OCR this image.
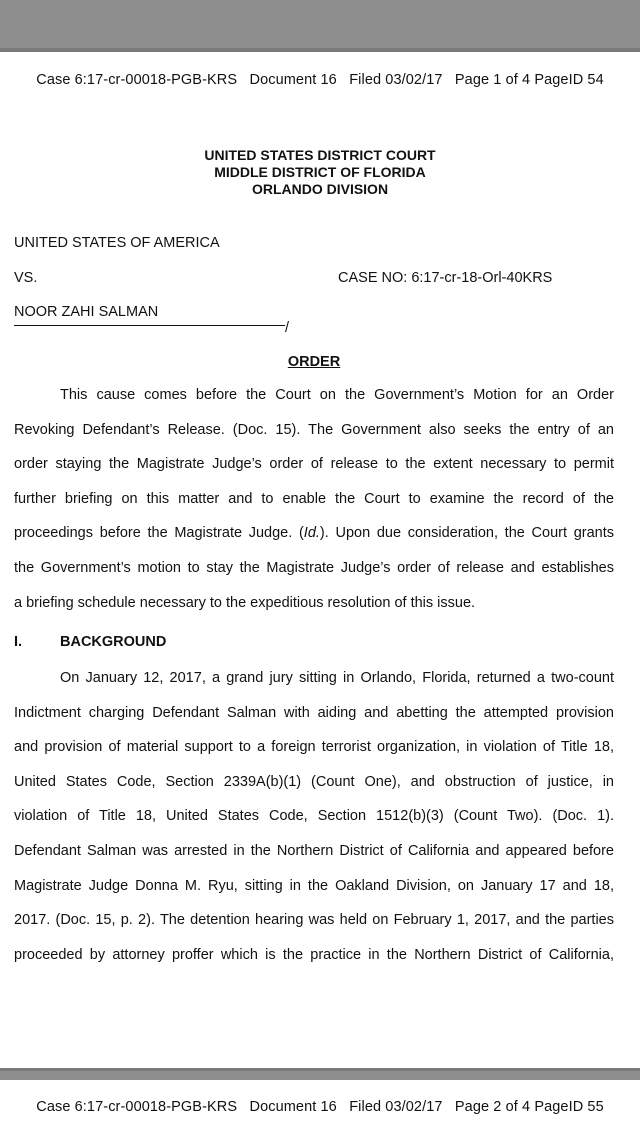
Case 6:17-cr-00018-PGB-KRS   Document 16   Filed 03/02/17   Page 1 of 4 PageID 54
UNITED STATES DISTRICT COURT
MIDDLE DISTRICT OF FLORIDA
ORLANDO DIVISION
UNITED STATES OF AMERICA
VS.	CASE NO: 6:17-cr-18-Orl-40KRS
NOOR ZAHI SALMAN
/
ORDER
This cause comes before the Court on the Government’s Motion for an Order
Revoking Defendant’s Release. (Doc. 15). The Government also seeks the entry of an
order staying the Magistrate Judge’s order of release to the extent necessary to permit
further briefing on this matter and to enable the Court to examine the record of the
proceedings before the Magistrate Judge. (Id.). Upon due consideration, the Court grants
the Government’s motion to stay the Magistrate Judge’s order of release and establishes
a briefing schedule necessary to the expeditious resolution of this issue.
I.	BACKGROUND
On January 12, 2017, a grand jury sitting in Orlando, Florida, returned a two-count
Indictment charging Defendant Salman with aiding and abetting the attempted provision
and provision of material support to a foreign terrorist organization, in violation of Title 18,
United States Code, Section 2339A(b)(1) (Count One), and obstruction of justice, in
violation of Title 18, United States Code, Section 1512(b)(3) (Count Two). (Doc. 1).
Defendant Salman was arrested in the Northern District of California and appeared before
Magistrate Judge Donna M. Ryu, sitting in the Oakland Division, on January 17 and 18,
2017. (Doc. 15, p. 2). The detention hearing was held on February 1, 2017, and the parties
proceeded by attorney proffer which is the practice in the Northern District of California,
Case 6:17-cr-00018-PGB-KRS   Document 16   Filed 03/02/17   Page 2 of 4 PageID 55
